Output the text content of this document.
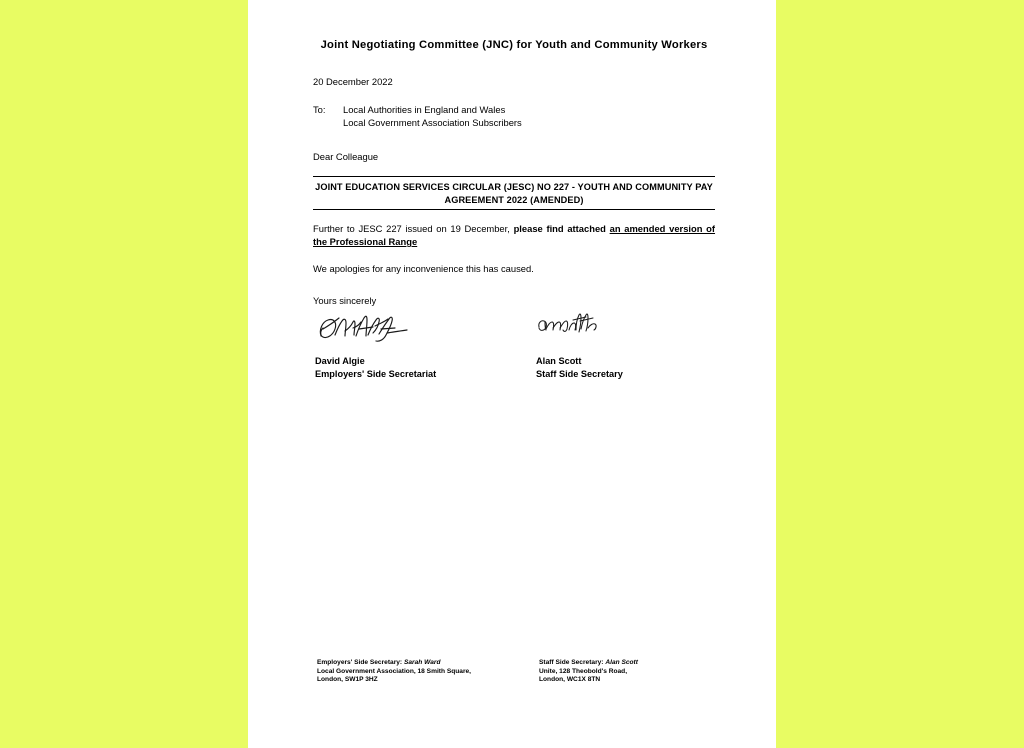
Joint Negotiating Committee (JNC) for Youth and Community Workers

20 December 2022

To:	Local Authorities in England and Wales
Local Government Association Subscribers

Dear Colleague

JOINT EDUCATION SERVICES CIRCULAR (JESC) NO 227 - YOUTH AND COMMUNITY PAY AGREEMENT 2022 (AMENDED)

Further to JESC 227 issued on 19 December, please find attached an amended version of the Professional Range

We apologies for any inconvenience this has caused.

Yours sincerely

David Algie
Employers' Side Secretariat
Alan Scott
Staff Side Secretary
Employers' Side Secretary: Sarah Ward
Local Government Association, 18 Smith Square,
London, SW1P 3HZ
Staff Side Secretary: Alan Scott
Unite, 128 Theobold's Road,
London, WC1X 8TN
